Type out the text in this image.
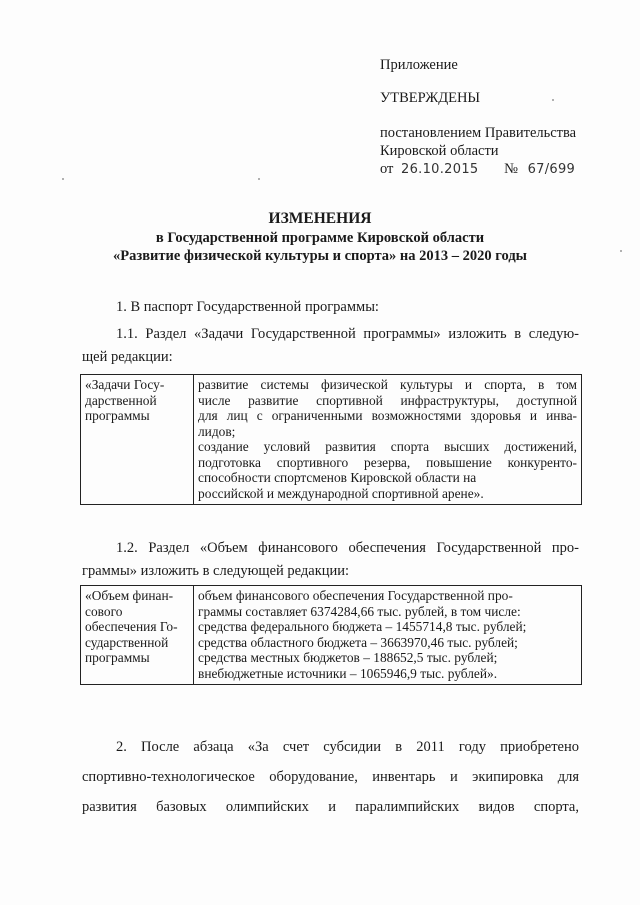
Приложение
УТВЕРЖДЕНЫ
постановлением Правительства
Кировской области
от 26.10.2015 № 67/699
ИЗМЕНЕНИЯ
в Государственной программе Кировской области
«Развитие физической культуры и спорта» на 2013 – 2020 годы
1. В паспорт Государственной программы:
1.1. Раздел «Задачи Государственной программы» изложить в следую-
щей редакции:
«Задачи Госу-
дарственной
программы

развитие системы физической культуры и спорта, в том
числе развитие спортивной инфраструктуры, доступной
для лиц с ограниченными возможностями здоровья и инва-
лидов;
создание условий развития спорта высших достижений,
подготовка спортивного резерва, повышение конкуренто-
способности спортсменов Кировской области на
российской и международной спортивной арене».
1.2. Раздел «Объем финансового обеспечения Государственной про-
граммы» изложить в следующей редакции:
«Объем финан-
сового
обеспечения Го-
сударственной
программы

объем финансового обеспечения Государственной про-
граммы составляет 6374284,66 тыс. рублей, в том числе:
средства федерального бюджета – 1455714,8 тыс. рублей;
средства областного бюджета – 3663970,46 тыс. рублей;
средства местных бюджетов – 188652,5 тыс. рублей;
внебюджетные источники – 1065946,9 тыс. рублей».
2. После абзаца «За счет субсидии в 2011 году приобретено
спортивно-технологическое оборудование, инвентарь и экипировка для
развития базовых олимпийских и паралимпийских видов спорта,
